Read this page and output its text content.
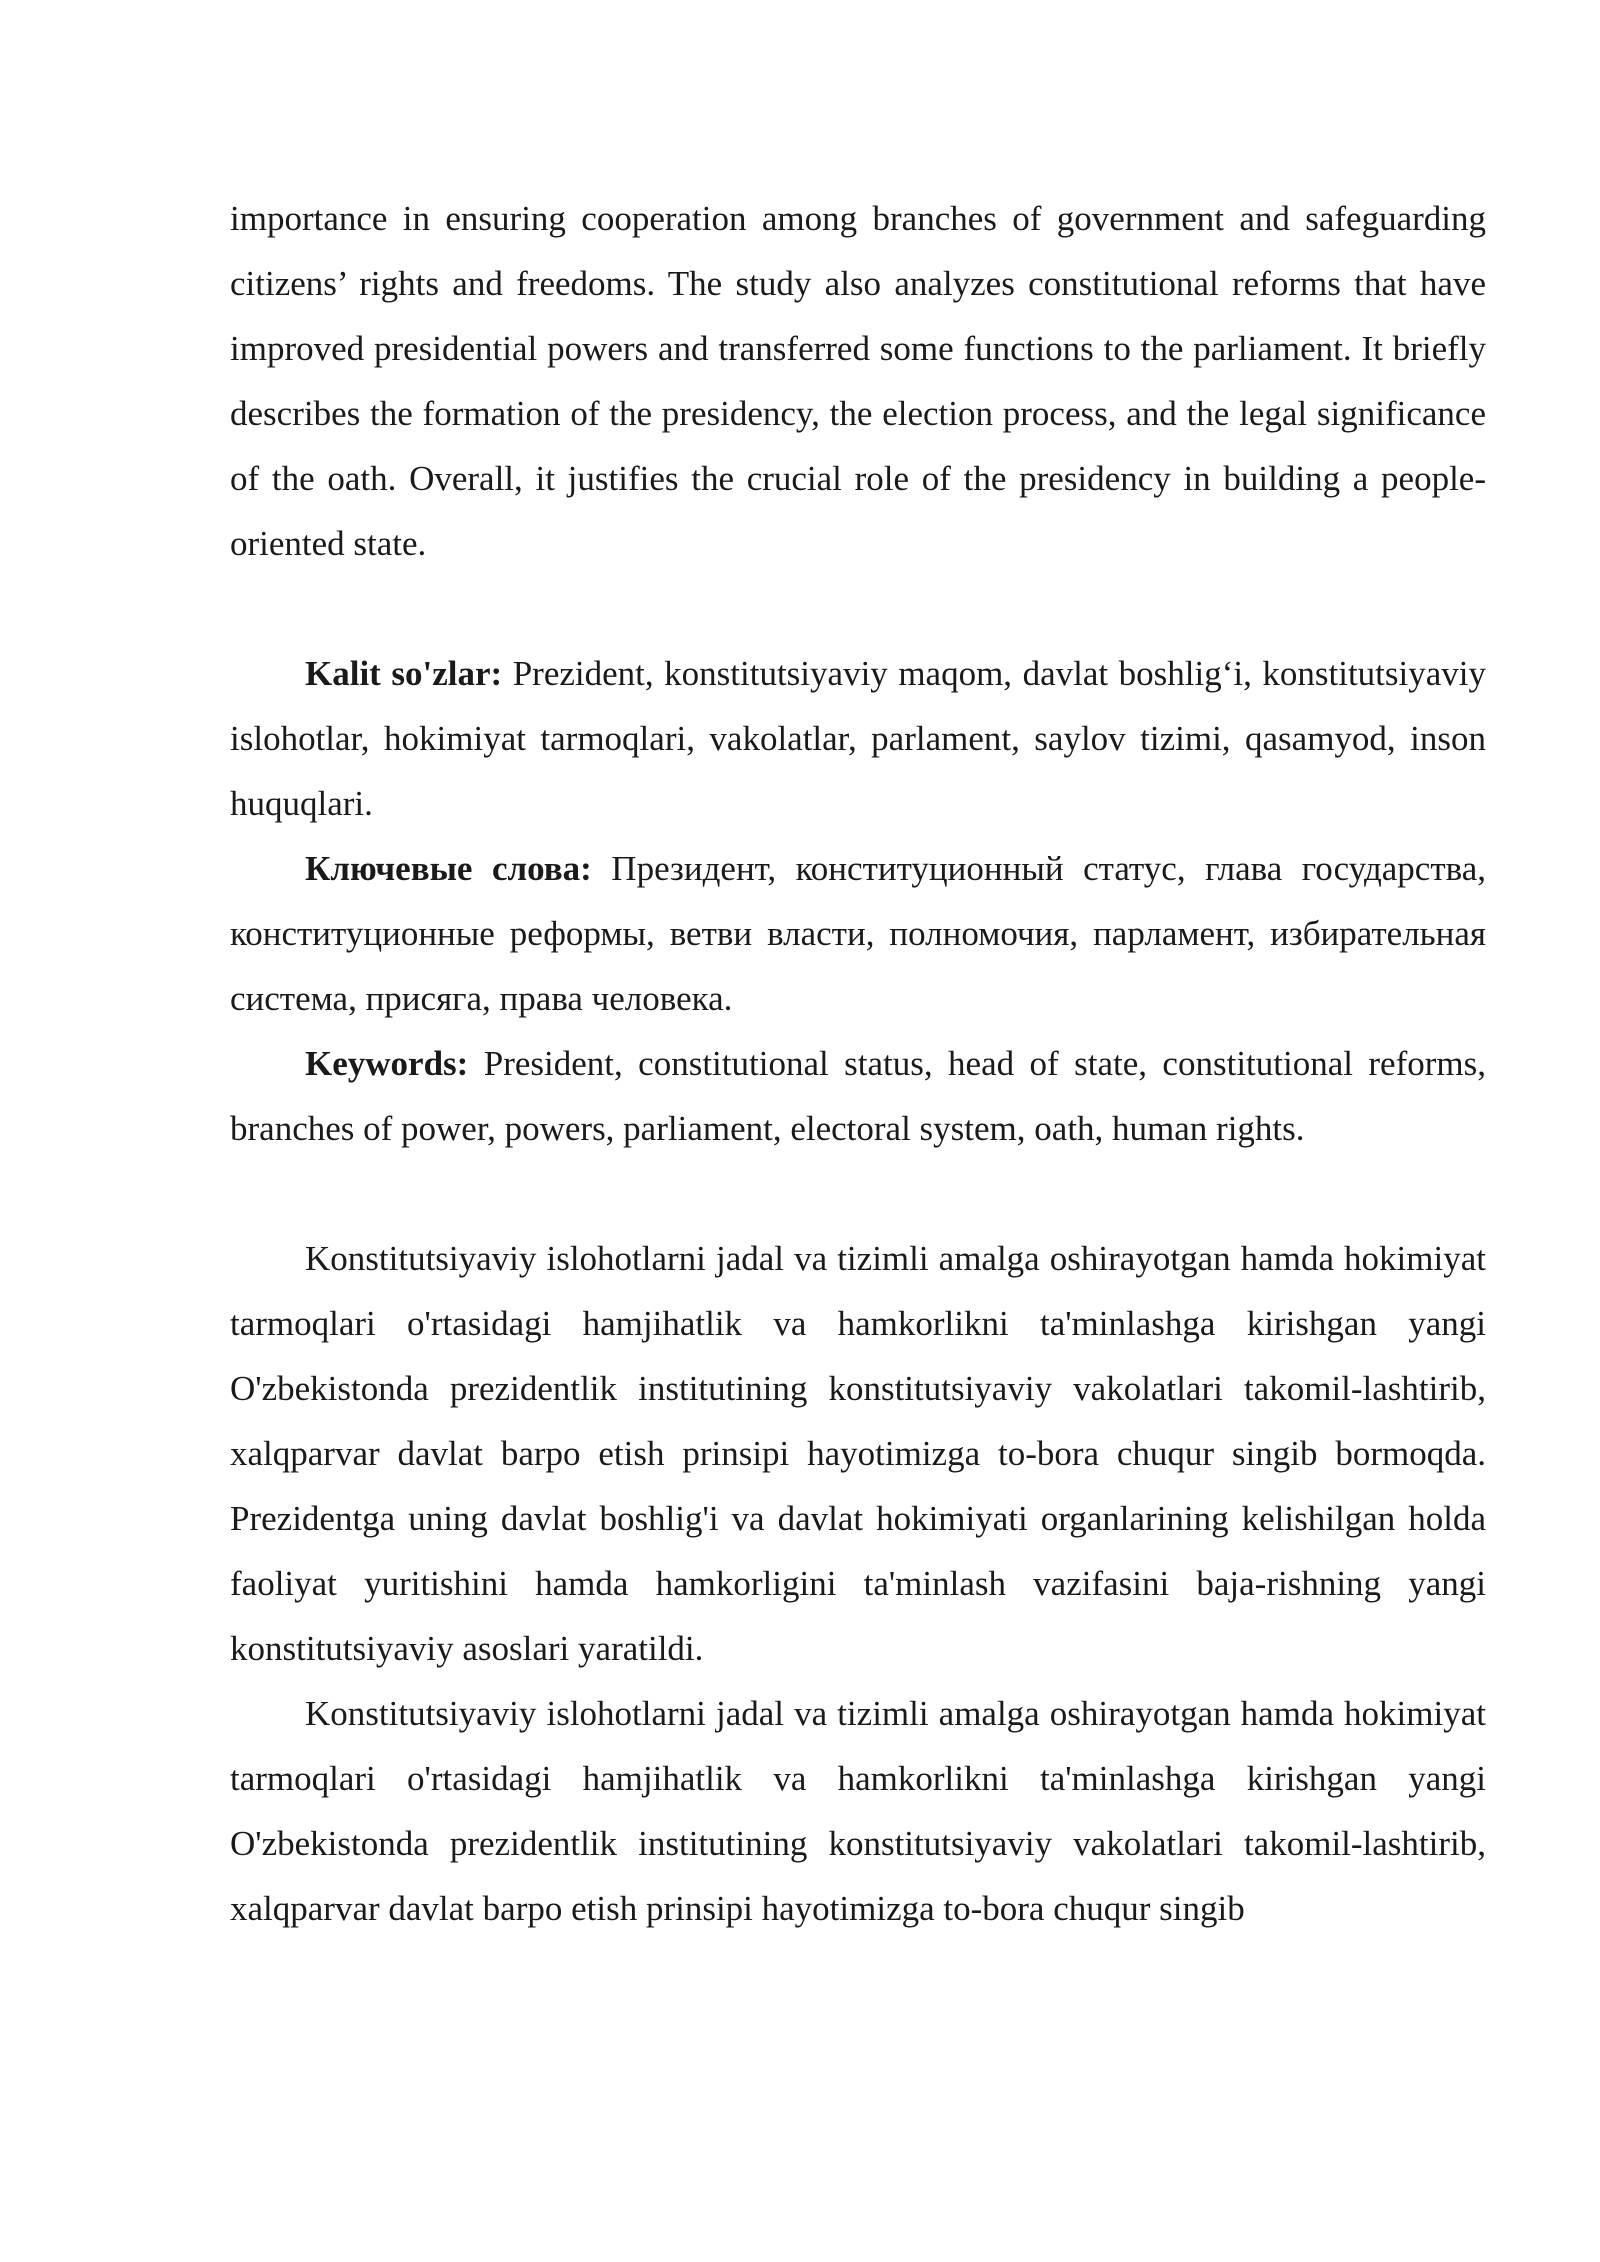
importance in ensuring cooperation among branches of government and safeguarding citizens’ rights and freedoms. The study also analyzes constitutional reforms that have improved presidential powers and transferred some functions to the parliament. It briefly describes the formation of the presidency, the election process, and the legal significance of the oath. Overall, it justifies the crucial role of the presidency in building a people-oriented state.

Kalit so'zlar: Prezident, konstitutsiyaviy maqom, davlat boshlig‘i, konstitutsiyaviy islohotlar, hokimiyat tarmoqlari, vakolatlar, parlament, saylov tizimi, qasamyod, inson huquqlari.

Ключевые слова: Президент, конституционный статус, глава государства, конституционные реформы, ветви власти, полномочия, парламент, избирательная система, присяга, права человека.

Keywords: President, constitutional status, head of state, constitutional reforms, branches of power, powers, parliament, electoral system, oath, human rights.

Konstitutsiyaviy islohotlarni jadal va tizimli amalga oshirayotgan hamda hokimiyat tarmoqlari o'rtasidagi hamjihatlik va hamkorlikni ta'minlashga kirishgan yangi O'zbekistonda prezidentlik institutining konstitutsiyaviy vakolatlari takomil-lashtirib, xalqparvar davlat barpo etish prinsipi hayotimizga to-bora chuqur singib bormoqda. Prezidentga uning davlat boshlig'i va davlat hokimiyati organlarining kelishilgan holda faoliyat yuritishini hamda hamkorligini ta'minlash vazifasini baja-rishning yangi konstitutsiyaviy asoslari yaratildi.

Konstitutsiyaviy islohotlarni jadal va tizimli amalga oshirayotgan hamda hokimiyat tarmoqlari o'rtasidagi hamjihatlik va hamkorlikni ta'minlashga kirishgan yangi O'zbekistonda prezidentlik institutining konstitutsiyaviy vakolatlari takomil-lashtirib, xalqparvar davlat barpo etish prinsipi hayotimizga to-bora chuqur singib
